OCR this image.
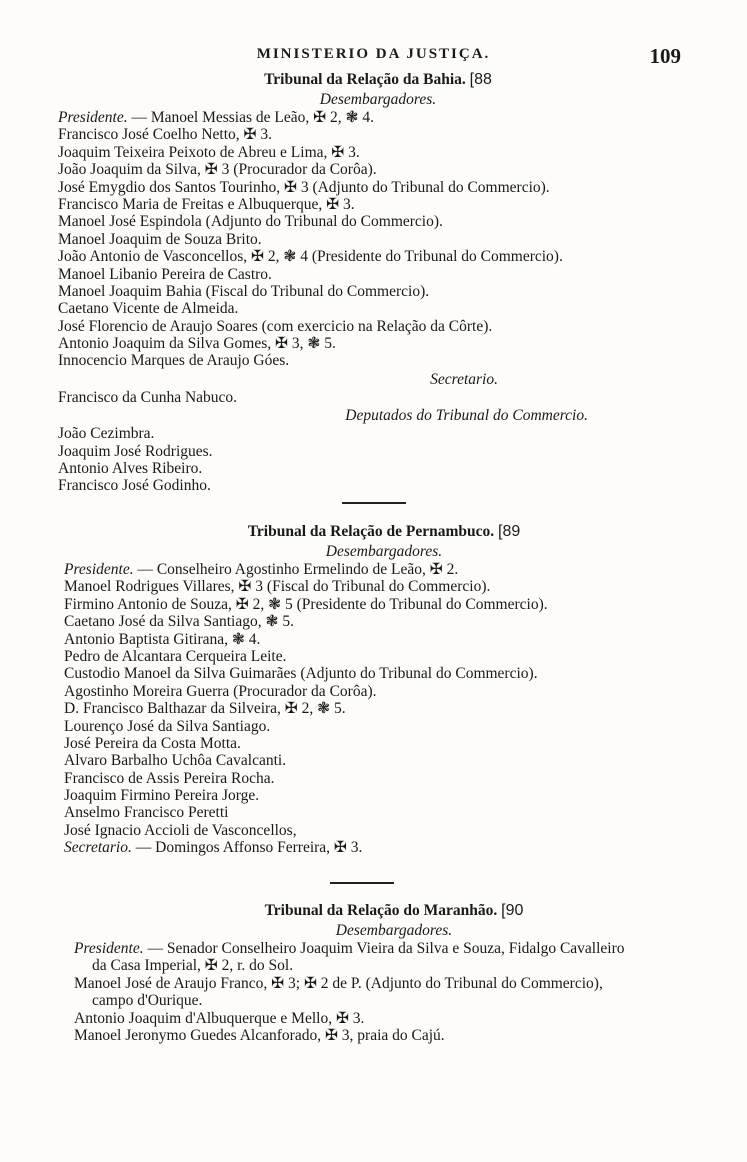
MINISTERIO DA JUSTIÇA.	109
Tribunal da Relação da Bahia. [88
Desembargadores.
Presidente. — Manoel Messias de Leão, ✠ 2, ❃ 4.
Francisco José Coelho Netto, ✠ 3.
Joaquim Teixeira Peixoto de Abreu e Lima, ✠ 3.
João Joaquim da Silva, ✠ 3 (Procurador da Corôa).
José Emygdio dos Santos Tourinho, ✠ 3 (Adjunto do Tribunal do Commercio).
Francisco Maria de Freitas e Albuquerque, ✠ 3.
Manoel José Espindola (Adjunto do Tribunal do Commercio).
Manoel Joaquim de Souza Brito.
João Antonio de Vasconcellos, ✠ 2, ❃ 4 (Presidente do Tribunal do Commercio).
Manoel Libanio Pereira de Castro.
Manoel Joaquim Bahia (Fiscal do Tribunal do Commercio).
Caetano Vicente de Almeida.
José Florencio de Araujo Soares (com exercicio na Relação da Côrte).
Antonio Joaquim da Silva Gomes, ✠ 3, ❃ 5.
Innocencio Marques de Araujo Góes.
Secretario.
Francisco da Cunha Nabuco.
Deputados do Tribunal do Commercio.
João Cezimbra.
Joaquim José Rodrigues.
Antonio Alves Ribeiro.
Francisco José Godinho.
Tribunal da Relação de Pernambuco. [89
Desembargadores.
Presidente. — Conselheiro Agostinho Ermelindo de Leão, ✠ 2.
Manoel Rodrigues Villares, ✠ 3 (Fiscal do Tribunal do Commercio).
Firmino Antonio de Souza, ✠ 2, ❃ 5 (Presidente do Tribunal do Commercio).
Caetano José da Silva Santiago, ❃ 5.
Antonio Baptista Gitirana, ❃ 4.
Pedro de Alcantara Cerqueira Leite.
Custodio Manoel da Silva Guimarães (Adjunto do Tribunal do Commercio).
Agostinho Moreira Guerra (Procurador da Corôa).
D. Francisco Balthazar da Silveira, ✠ 2, ❃ 5.
Lourenço José da Silva Santiago.
José Pereira da Costa Motta.
Alvaro Barbalho Uchôa Cavalcanti.
Francisco de Assis Pereira Rocha.
Joaquim Firmino Pereira Jorge.
Anselmo Francisco Peretti
José Ignacio Accioli de Vasconcellos,
Secretario. — Domingos Affonso Ferreira, ✠ 3.
Tribunal da Relação do Maranhão. [90
Desembargadores.
Presidente. — Senador Conselheiro Joaquim Vieira da Silva e Souza, Fidalgo Cavalleiro
da Casa Imperial, ✠ 2, r. do Sol.
Manoel José de Araujo Franco, ✠ 3; ✠ 2 de P. (Adjunto do Tribunal do Commercio),
campo d'Ourique.
Antonio Joaquim d'Albuquerque e Mello, ✠ 3.
Manoel Jeronymo Guedes Alcanforado, ✠ 3, praia do Cajú.
